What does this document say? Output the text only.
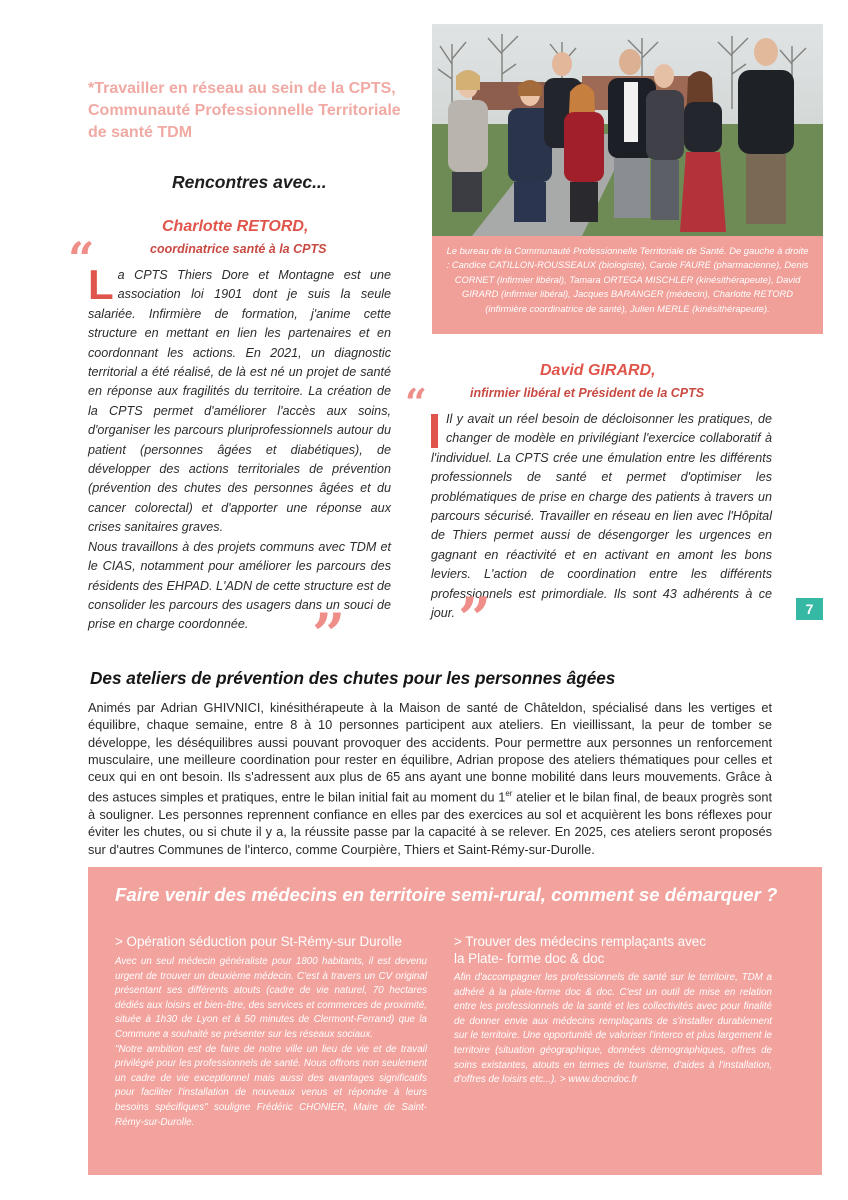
*Travailler en réseau au sein de la CPTS, Communauté Professionnelle Territoriale de santé TDM
Rencontres avec...
Charlotte RETORD,
coordinatrice santé à la CPTS
“
La CPTS Thiers Dore et Montagne est une association loi 1901 dont je suis la seule salariée. Infirmière de formation, j'anime cette structure en mettant en lien les partenaires et en coordonnant les actions. En 2021, un diagnostic territorial a été réalisé, de là est né un projet de santé en réponse aux fragilités du territoire. La création de la CPTS permet d'améliorer l'accès aux soins, d'organiser les parcours pluriprofessionnels autour du patient (personnes âgées et diabétiques), de développer des actions territoriales de prévention (prévention des chutes des personnes âgées et du cancer colorectal) et d'apporter une réponse aux crises sanitaires graves.
Nous travaillons à des projets communs avec TDM et le CIAS, notamment pour améliorer les parcours des résidents des EHPAD. L'ADN de cette structure est de consolider les parcours des usagers dans un souci de prise en charge coordonnée.	”
Le bureau de la Communauté Professionnelle Territoriale de Santé. De gauche à droite : Candice CATILLON-ROUSSEAUX (biologiste), Carole FAURE (pharmacienne), Denis CORNET (infirmier libéral), Tamara ORTEGA MISCHLER (kinésithérapeute), David GIRARD (infirmier libéral), Jacques BARANGER (médecin), Charlotte RETORD (infirmière coordinatrice de santé), Julien MERLE (kinésithérapeute).
David GIRARD,
infirmier libéral et Président de la CPTS
“	Il y avait un réel besoin de décloisonner les pratiques, de changer de modèle en privilégiant l'exercice collaboratif à l'individuel. La CPTS crée une émulation entre les différents professionnels de santé et permet d'optimiser les problématiques de prise en charge des patients à travers un parcours sécurisé. Travailler en réseau en lien avec l'Hôpital de Thiers permet aussi de désengorger les urgences en gagnant en réactivité et en activant en amont les bons leviers. L'action de coordination entre les différents professionnels est primordiale. Ils sont 43 adhérents à ce jour. ”	7
Des ateliers de prévention des chutes pour les personnes âgées
Animés par Adrian GHIVNICI, kinésithérapeute à la Maison de santé de Châteldon, spécialisé dans les vertiges et équilibre, chaque semaine, entre 8 à 10 personnes participent aux ateliers. En vieillissant, la peur de tomber se développe, les déséquilibres aussi pouvant provoquer des accidents. Pour permettre aux personnes un renforcement musculaire, une meilleure coordination pour rester en équilibre, Adrian propose des ateliers thématiques pour celles et ceux qui en ont besoin. Ils s'adressent aux plus de 65 ans ayant une bonne mobilité dans leurs mouvements. Grâce à des astuces simples et pratiques, entre le bilan initial fait au moment du 1er atelier et le bilan final, de beaux progrès sont à souligner. Les personnes reprennent confiance en elles par des exercices au sol et acquièrent les bons réflexes pour éviter les chutes, ou si chute il y a, la réussite passe par la capacité à se relever. En 2025, ces ateliers seront proposés sur d'autres Communes de l'interco, comme Courpière, Thiers et Saint-Rémy-sur-Durolle.
Faire venir des médecins en territoire semi-rural, comment se démarquer ?
> Opération séduction pour St-Rémy-sur Durolle
Avec un seul médecin généraliste pour 1800 habitants, il est devenu urgent de trouver un deuxième médecin. C'est à travers un CV original présentant ses différents atouts (cadre de vie naturel, 70 hectares dédiés aux loisirs et bien-être, des services et commerces de proximité, située à 1h30 de Lyon et à 50 minutes de Clermont-Ferrand) que la Commune a souhaité se présenter sur les réseaux sociaux.
"Notre ambition est de faire de notre ville un lieu de vie et de travail privilégié pour les professionnels de santé. Nous offrons non seulement un cadre de vie exceptionnel mais aussi des avantages significatifs pour faciliter l'installation de nouveaux venus et répondre à leurs besoins spécifiques" souligne Frédéric CHONIER, Maire de Saint-Rémy-sur-Durolle.
> Trouver des médecins remplaçants avec la Plate- forme doc & doc
Afin d'accompagner les professionnels de santé sur le territoire, TDM a adhéré à la plate-forme doc & doc. C'est un outil de mise en relation entre les professionnels de la santé et les collectivités avec pour finalité de donner envie aux médecins remplaçants de s'installer durablement sur le territoire. Une opportunité de valoriser l'interco et plus largement le territoire (situation géographique, données démographiques, offres de soins existantes, atouts en termes de tourisme, d'aides à l'installation, d'offres de loisirs etc...). > www.docndoc.fr
